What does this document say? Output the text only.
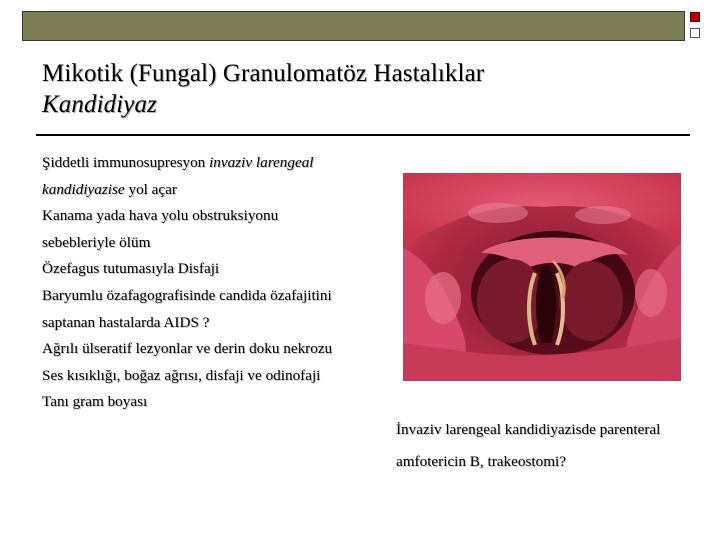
Mikotik (Fungal) Granulomatöz Hastalıklar
Kandidiyaz
Şiddetli immunosupresyon invaziv larengeal
kandidiyazise yol açar
Kanama yada hava yolu obstruksiyonu
sebebleriyle ölüm
Özefagus tutumasıyla Disfaji
Baryumlu özafagografisinde candida özafajitini
saptanan hastalarda AIDS ?
Ağrılı ülseratif lezyonlar ve derin doku nekrozu
Ses kısıklığı, boğaz ağrısı, disfaji ve odinofaji
Tanı gram boyası
İnvaziv larengeal kandidiyazisde parenteral
amfotericin B, trakeostomi?
